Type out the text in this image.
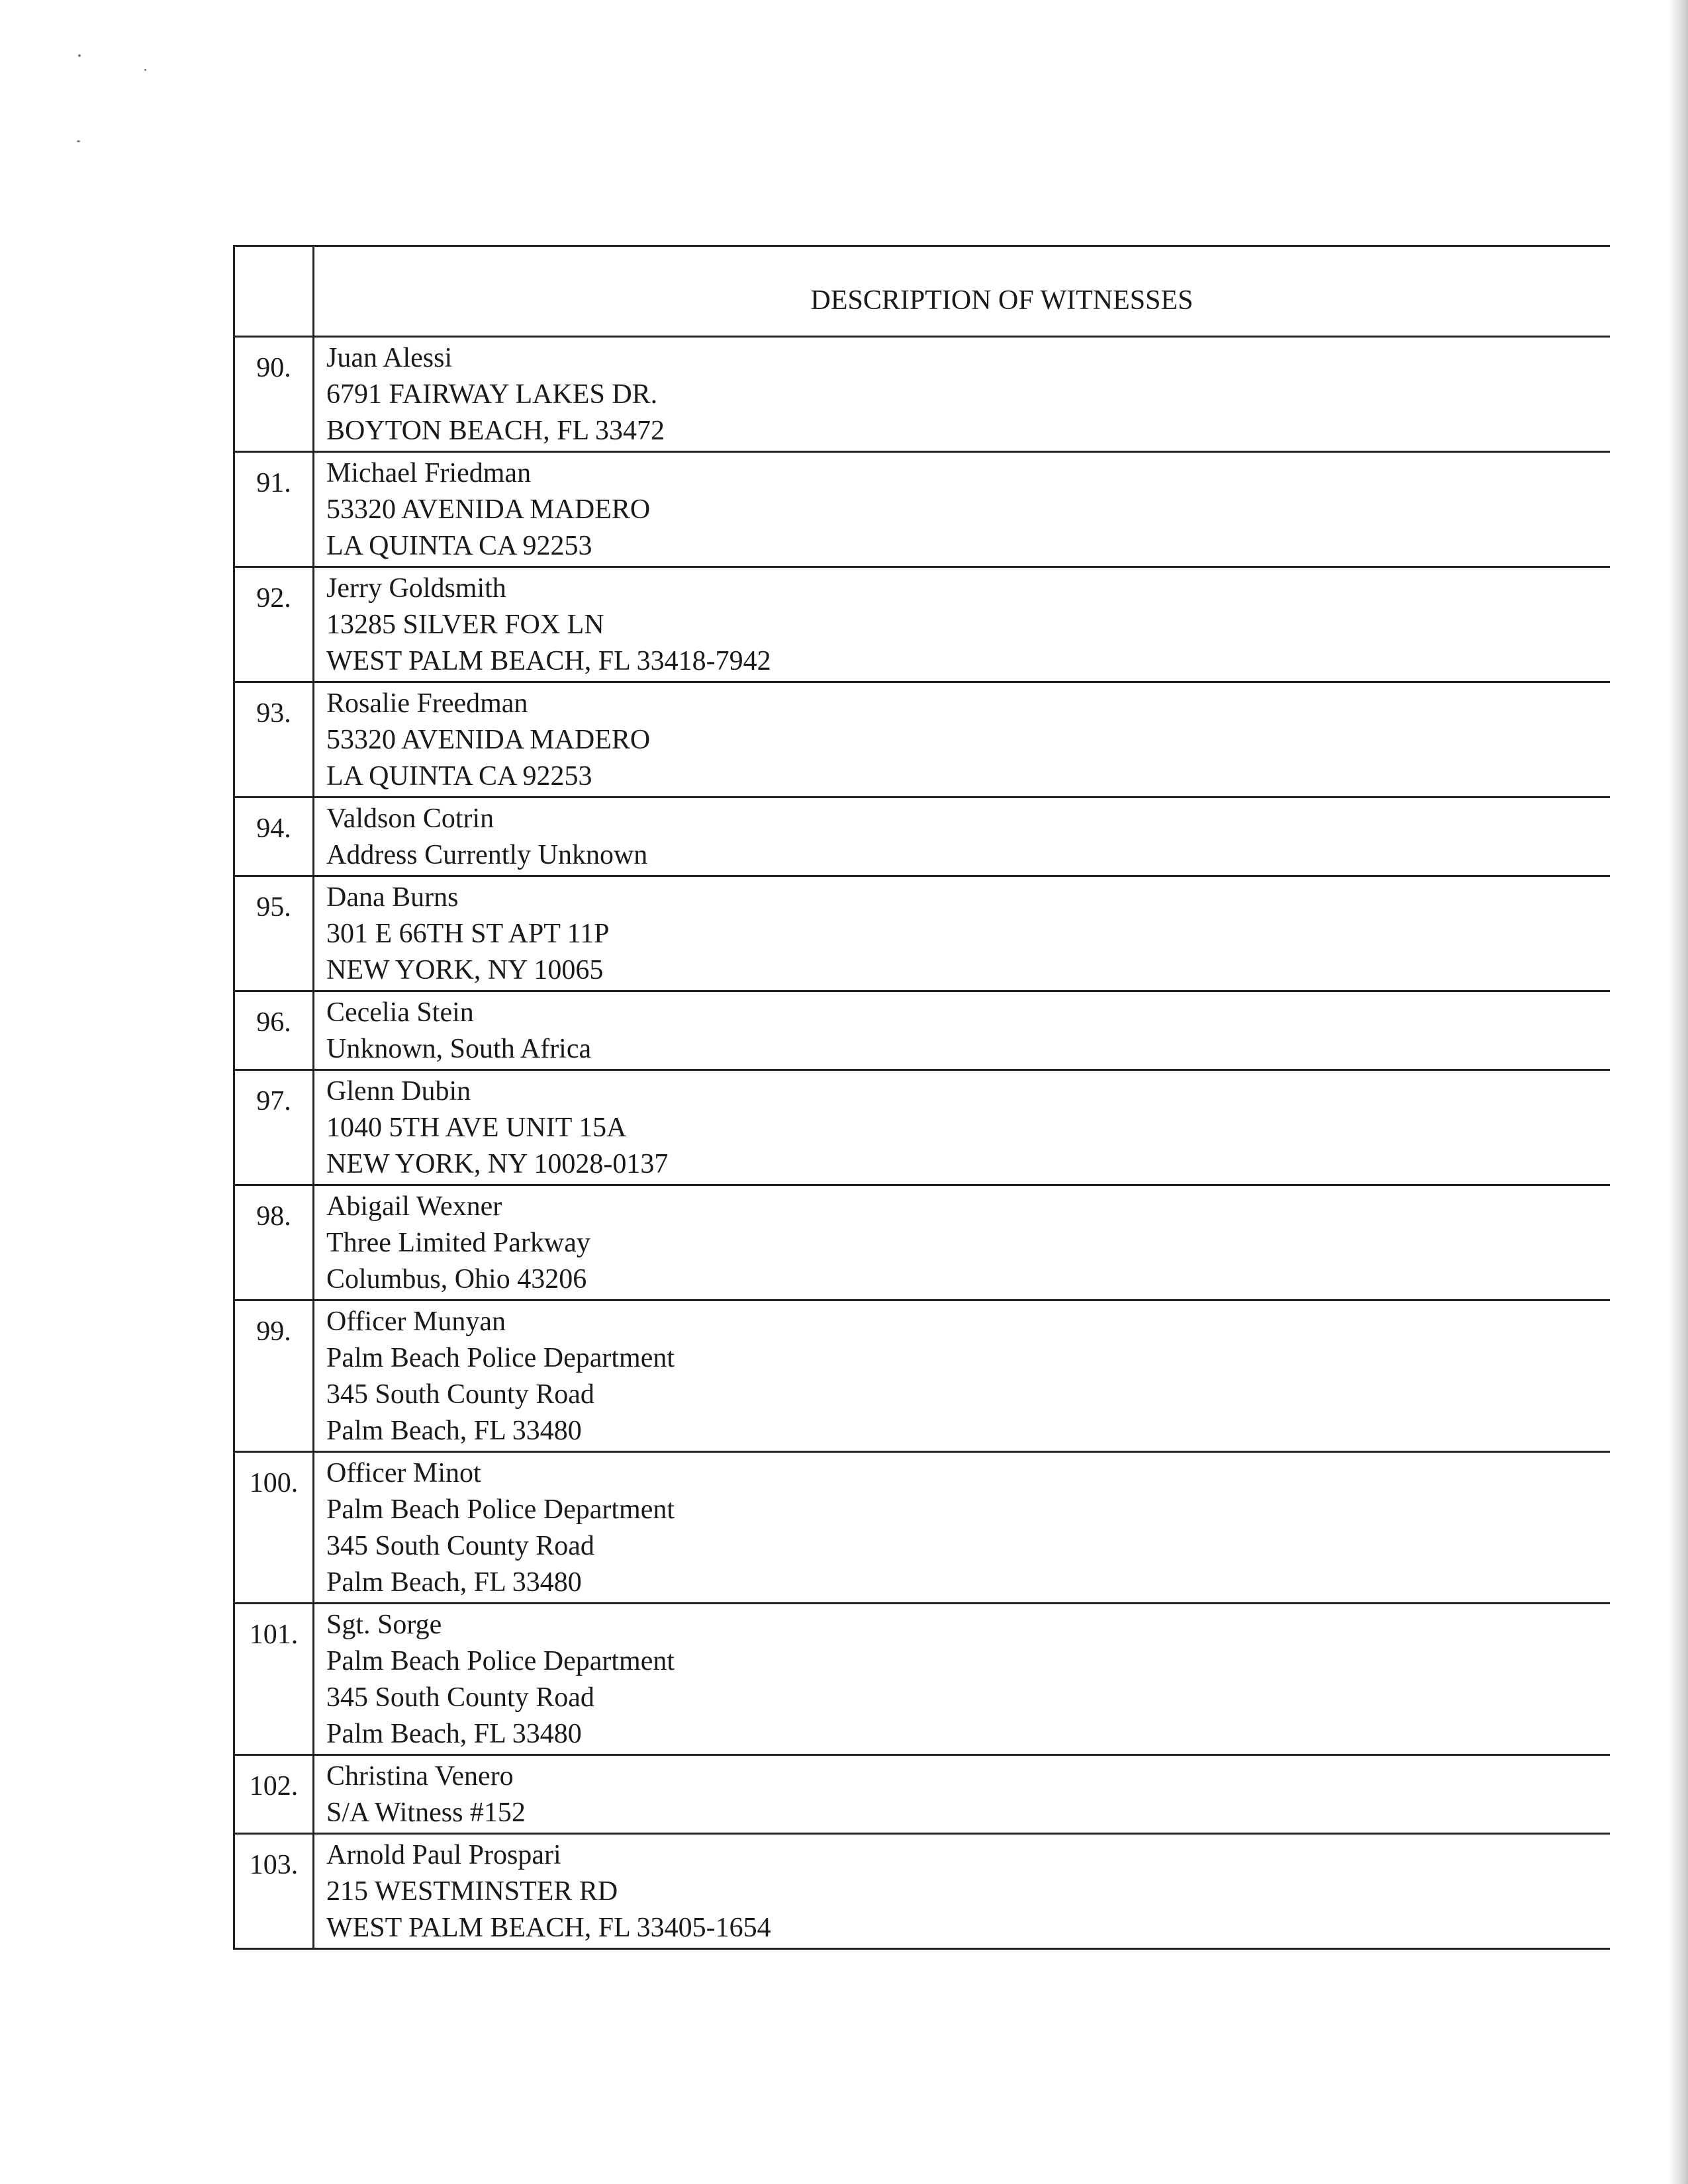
	DESCRIPTION OF WITNESSES

90.	Juan Alessi
6791 FAIRWAY LAKES DR.
BOYTON BEACH, FL 33472

91.	Michael Friedman
53320 AVENIDA MADERO
LA QUINTA CA 92253

92.	Jerry Goldsmith
13285 SILVER FOX LN
WEST PALM BEACH, FL 33418-7942

93.	Rosalie Freedman
53320 AVENIDA MADERO
LA QUINTA CA 92253

94.	Valdson Cotrin
Address Currently Unknown

95.	Dana Burns
301 E 66TH ST APT 11P
NEW YORK, NY 10065

96.	Cecelia Stein
Unknown, South Africa

97.	Glenn Dubin
1040 5TH AVE UNIT 15A
NEW YORK, NY 10028-0137

98.	Abigail Wexner
Three Limited Parkway
Columbus, Ohio 43206

99.	Officer Munyan
Palm Beach Police Department
345 South County Road
Palm Beach, FL 33480

100.	Officer Minot
Palm Beach Police Department
345 South County Road
Palm Beach, FL 33480

101.	Sgt. Sorge
Palm Beach Police Department
345 South County Road
Palm Beach, FL 33480

102.	Christina Venero
S/A Witness #152

103.	Arnold Paul Prospari
215 WESTMINSTER RD
WEST PALM BEACH, FL 33405-1654
